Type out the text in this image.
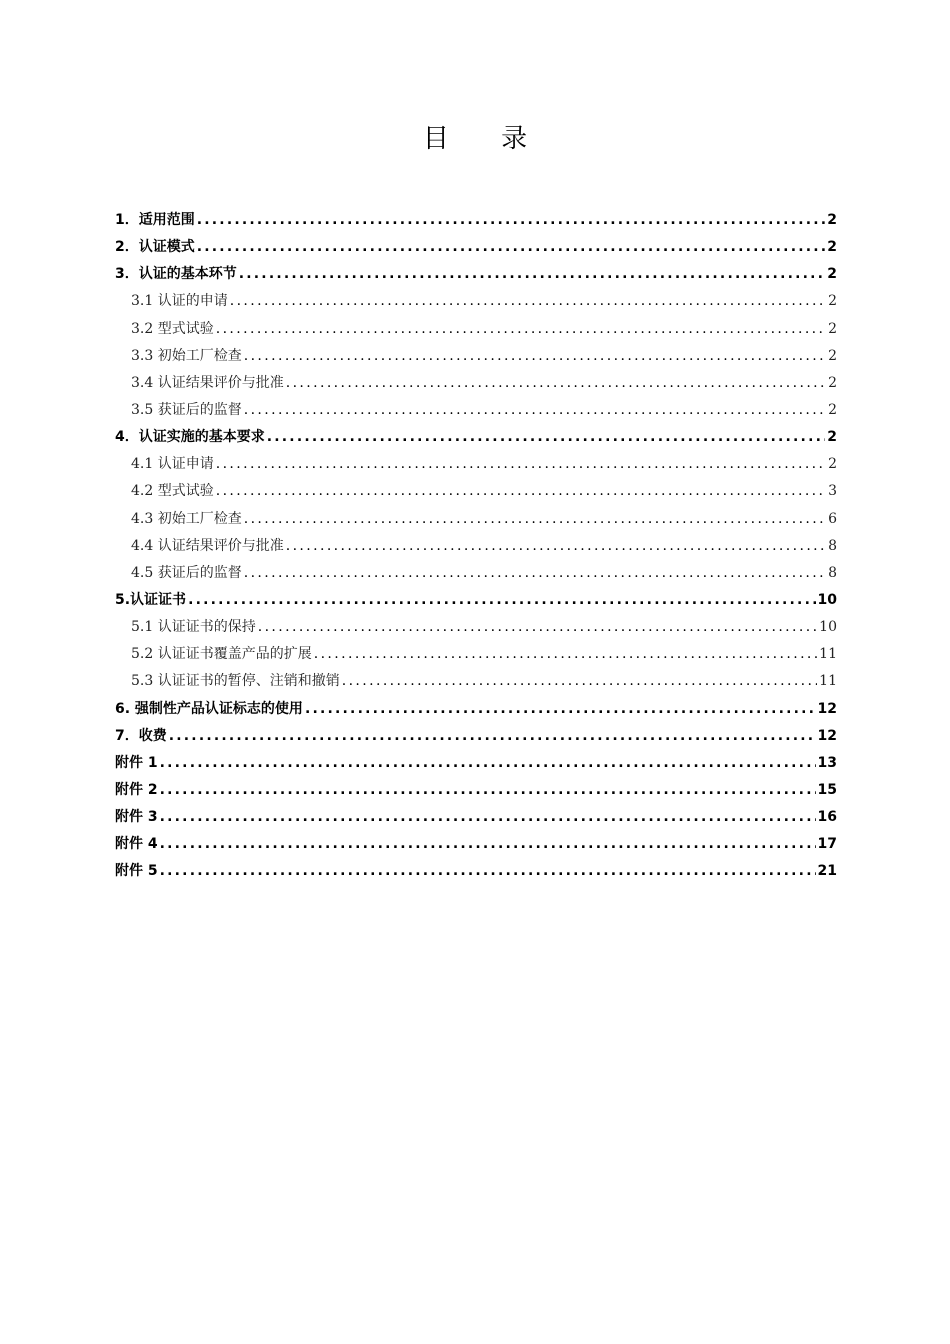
目 录
1．适用范围 .....	2
2．认证模式 .....	2
3．认证的基本环节 .....	2
3.1 认证的申请 .....	2
3.2 型式试验 .....	2
3.3 初始工厂检查 .....	2
3.4 认证结果评价与批准 .....	2
3.5 获证后的监督 .....	2
4．认证实施的基本要求 .....	2
4.1 认证申请 .....	2
4.2 型式试验 .....	3
4.3 初始工厂检查 .....	6
4.4 认证结果评价与批准 .....	8
4.5 获证后的监督 .....	8
5.认证证书 .....	10
5.1 认证证书的保持 .....	10
5.2 认证证书覆盖产品的扩展 .....	11
5.3 认证证书的暂停、注销和撤销 .....	11
6. 强制性产品认证标志的使用 .....	12
7．收费 .....	12
附件 1 .....	13
附件 2 .....	15
附件 3 .....	16
附件 4 .....	17
附件 5 .....	21
